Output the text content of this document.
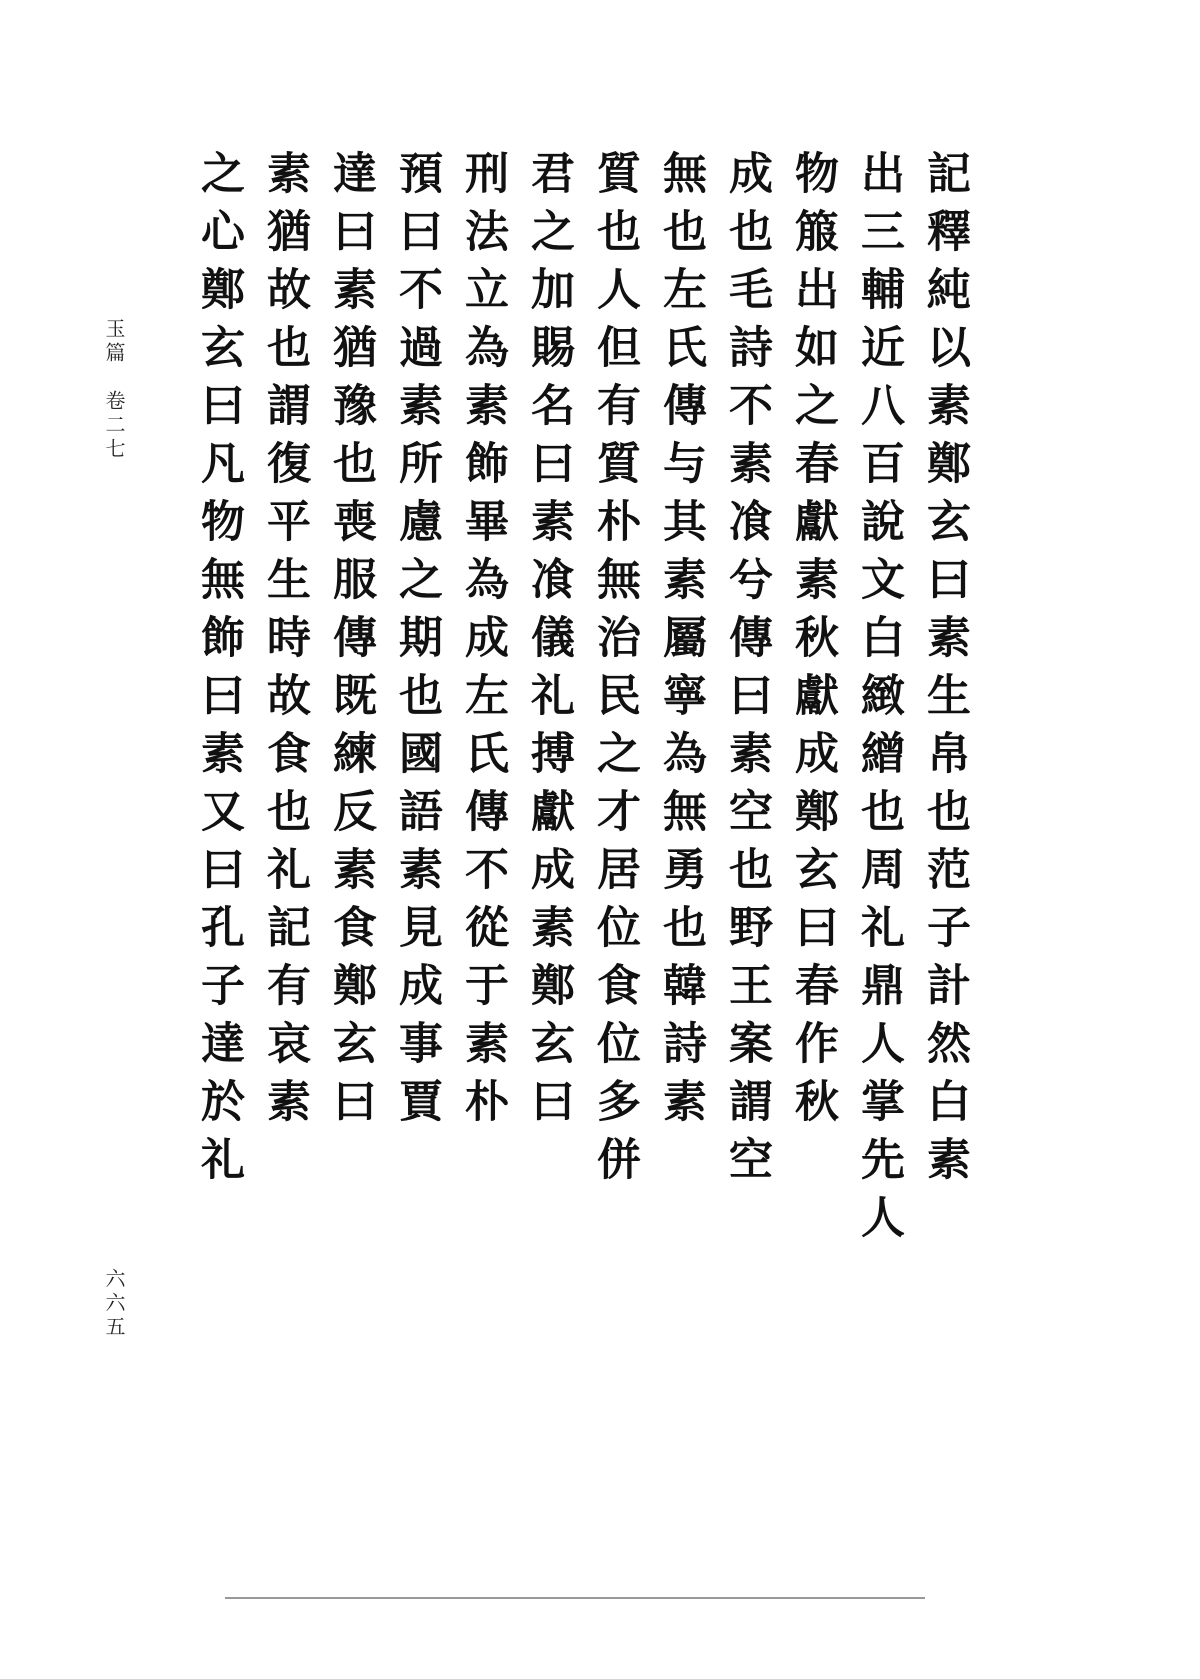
記釋純以素鄭玄曰素生帛也范子計然白素
出三輔近八百說文白緻繒也周礼鼎人掌先人
物箙出如之春獻素秋獻成鄭玄曰春作秋
成也毛詩不素飡兮傳曰素空也野王案謂空
無也左氏傳与其素屬寧為無勇也韓詩素
質也人但有質朴無治民之才居位食位多併
君之加賜名曰素飡儀礼搏獻成素鄭玄曰
刑法立為素飾畢為成左氏傳不從于素朴
預曰不過素所慮之期也國語素見成事賈
達曰素猶豫也喪服傳既練反素食鄭玄曰
素猶故也謂復平生時故食也礼記有哀素
之心鄭玄曰凡物無飾曰素又曰孔子達於礼
玉篇　卷二七
六六五
